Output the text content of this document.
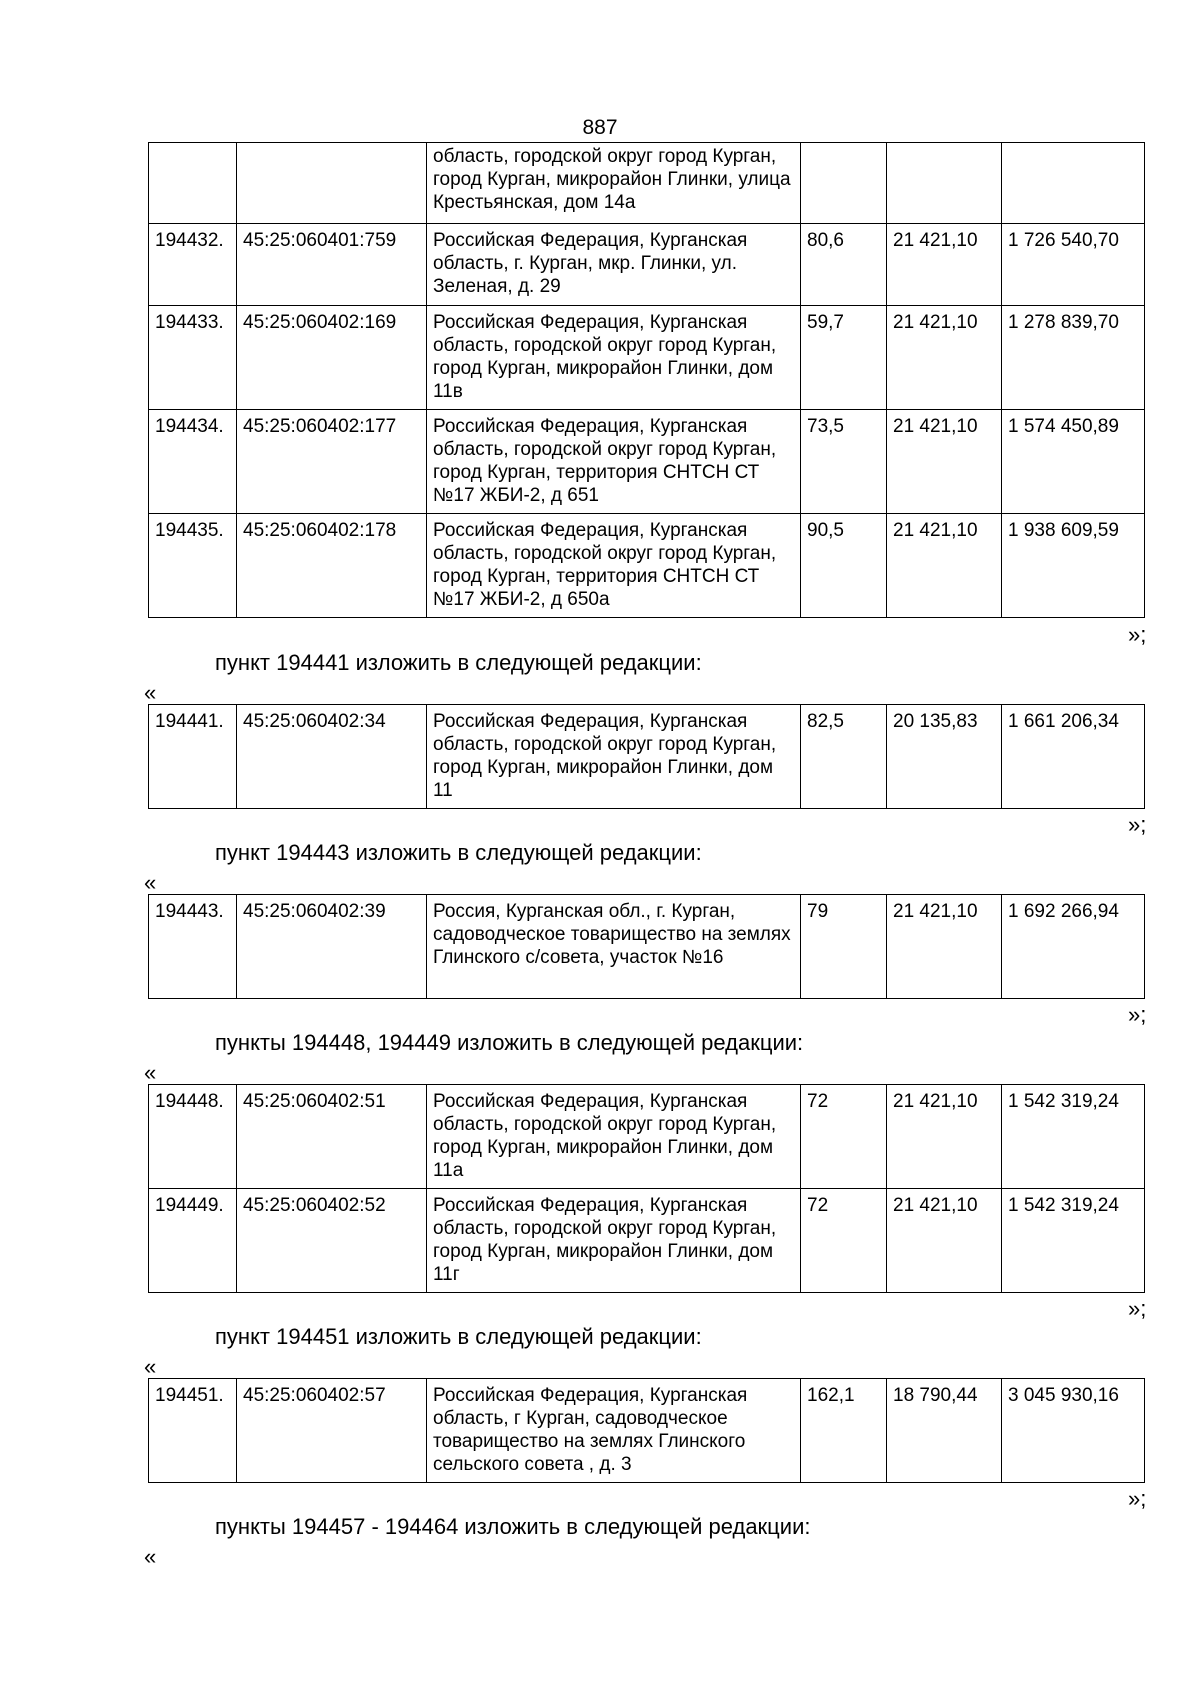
887
		область, городской округ город Курган, город Курган, микрорайон Глинки, улица Крестьянская, дом 14а			
194432.	45:25:060401:759	Российская Федерация, Курганская область, г. Курган, мкр. Глинки, ул. Зеленая, д. 29	80,6	21 421,10	1 726 540,70
194433.	45:25:060402:169	Российская Федерация, Курганская область, городской округ город Курган, город Курган, микрорайон Глинки, дом 11в	59,7	21 421,10	1 278 839,70
194434.	45:25:060402:177	Российская Федерация, Курганская область, городской округ город Курган, город Курган, территория СНТСН СТ №17 ЖБИ-2, д 651	73,5	21 421,10	1 574 450,89
194435.	45:25:060402:178	Российская Федерация, Курганская область, городской округ город Курган, город Курган, территория СНТСН СТ №17 ЖБИ-2, д 650а	90,5	21 421,10	1 938 609,59
»;
пункт 194441 изложить в следующей редакции:
«
194441.	45:25:060402:34	Российская Федерация, Курганская область, городской округ город Курган, город Курган, микрорайон Глинки, дом 11	82,5	20 135,83	1 661 206,34
»;
пункт 194443 изложить в следующей редакции:
«
194443.	45:25:060402:39	Россия, Курганская обл., г. Курган, садоводческое товарищество на землях Глинского с/совета, участок №16	79	21 421,10	1 692 266,94
»;
пункты 194448, 194449 изложить в следующей редакции:
«
194448.	45:25:060402:51	Российская Федерация, Курганская область, городской округ город Курган, город Курган, микрорайон Глинки, дом 11а	72	21 421,10	1 542 319,24
194449.	45:25:060402:52	Российская Федерация, Курганская область, городской округ город Курган, город Курган, микрорайон Глинки, дом 11г	72	21 421,10	1 542 319,24
»;
пункт 194451 изложить в следующей редакции:
«
194451.	45:25:060402:57	Российская Федерация, Курганская область, г Курган, садоводческое товарищество на землях Глинского сельского совета , д. 3	162,1	18 790,44	3 045 930,16
»;
пункты 194457 - 194464 изложить в следующей редакции:
«
